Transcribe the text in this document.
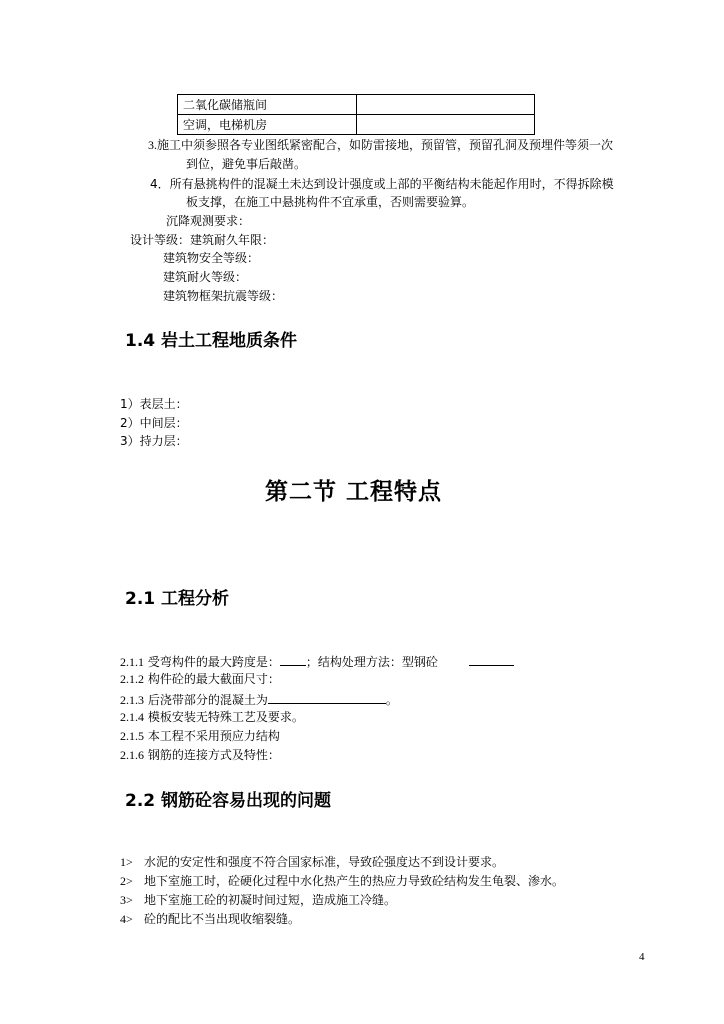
二氧化碳储瓶间	
空调，电梯机房	
3.施工中须参照各专业图纸紧密配合，如防雷接地，预留管，预留孔洞及预埋件等须一次
到位，避免事后敲凿。
4．所有悬挑构件的混凝土未达到设计强度或上部的平衡结构未能起作用时，不得拆除模
板支撑，在施工中悬挑构件不宜承重，否则需要验算。
沉降观测要求：
设计等级：建筑耐久年限：
建筑物安全等级：
建筑耐火等级：
建筑物框架抗震等级：
1.4 岩土工程地质条件
1）表层土：
2）中间层：
3）持力层：
第二节 工程特点
2.1 工程分析
2.1.1 受弯构件的最大跨度是： ；结构处理方法：型钢砼
2.1.2 构件砼的最大截面尺寸：
2.1.3 后浇带部分的混凝土为	。
2.1.4 模板安装无特殊工艺及要求。
2.1.5 本工程不采用预应力结构
2.1.6 钢筋的连接方式及特性：
2.2 钢筋砼容易出现的问题
1> 水泥的安定性和强度不符合国家标准，导致砼强度达不到设计要求。
2> 地下室施工时，砼硬化过程中水化热产生的热应力导致砼结构发生龟裂、渗水。
3> 地下室施工砼的初凝时间过短，造成施工冷缝。
4> 砼的配比不当出现收缩裂缝。
4
